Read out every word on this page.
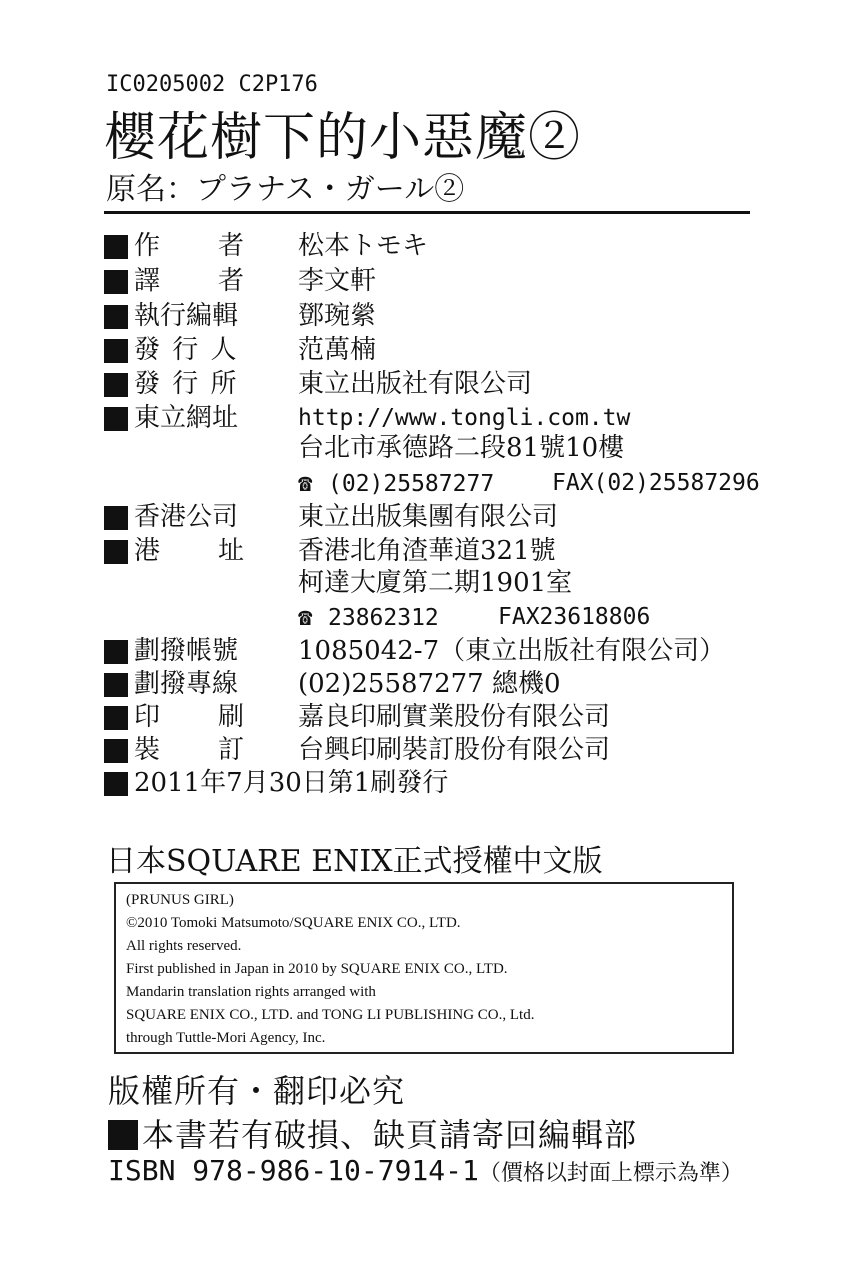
IC0205002 C2P176
櫻花樹下的小惡魔②
原名：プラナス・ガール②
作　　者 松本トモキ
譯　　者 李文軒
執行編輯 鄧琬縈
發 行 人 范萬楠
發 行 所 東立出版社有限公司
東立網址	http://www.tongli.com.tw
台北市承德路二段81號10樓
☎ (02)25587277	FAX(02)25587296
香港公司 東立出版集團有限公司
港　　址 香港北角渣華道321號
柯達大廈第二期1901室
☎ 23862312	FAX23618806
劃撥帳號 1085042-7（東立出版社有限公司）
劃撥專線 (02)25587277 總機0
印　　刷 嘉良印刷實業股份有限公司
裝　　訂 台興印刷裝訂股份有限公司
2011年7月30日第1刷發行
日本SQUARE ENIX正式授權中文版
(PRUNUS GIRL)
©2010 Tomoki Matsumoto/SQUARE ENIX CO., LTD.
All rights reserved.
First published in Japan in 2010 by SQUARE ENIX CO., LTD.
Mandarin translation rights arranged with
SQUARE ENIX CO., LTD. and TONG LI PUBLISHING CO., Ltd.
through Tuttle-Mori Agency, Inc.
版權所有・翻印必究
本書若有破損、缺頁請寄回編輯部
ISBN 978-986-10-7914-1（價格以封面上標示為準）
